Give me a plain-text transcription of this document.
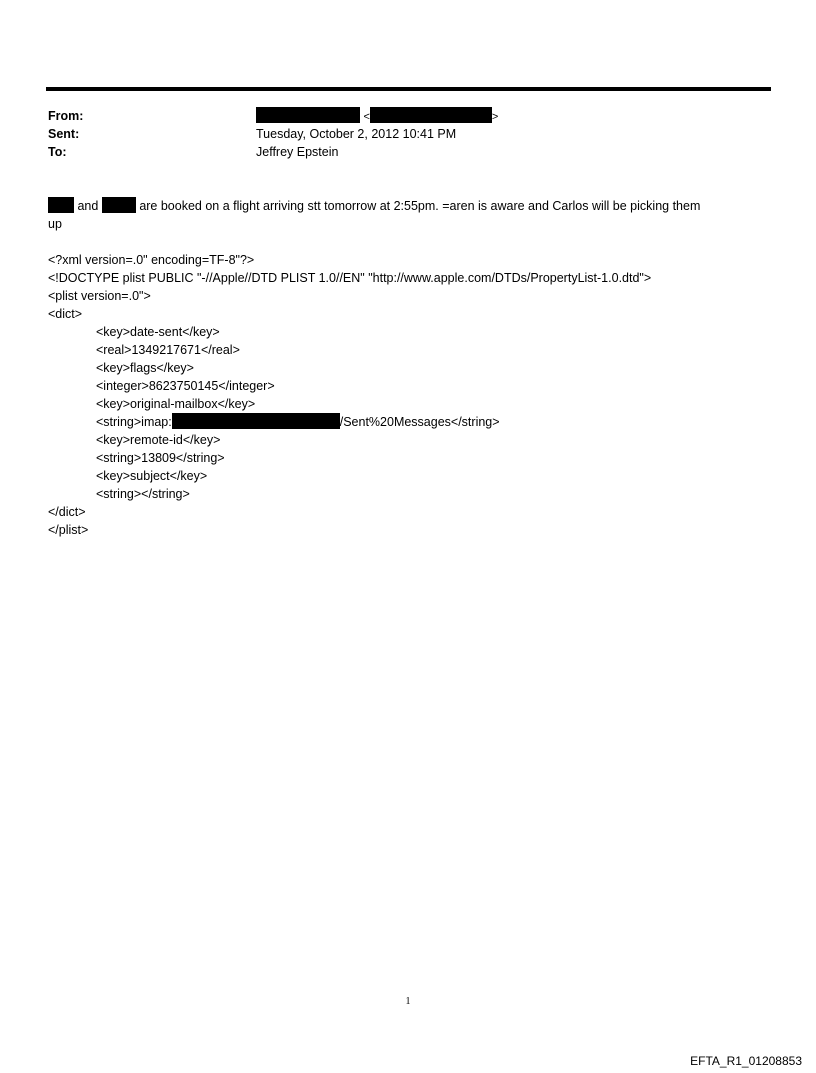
From:	<	>
Sent:	Tuesday, October 2, 2012 10:41 PM
To:	Jeffrey Epstein
and	are booked on a flight arriving stt tomorrow at 2:55pm. =aren is aware and Carlos will be picking them
up
<?xml version=.0" encoding=TF-8"?>
<!DOCTYPE plist PUBLIC "-//Apple//DTD PLIST 1.0//EN" "http://www.apple.com/DTDs/PropertyList-1.0.dtd">
<plist version=.0">
<dict>
<key>date-sent</key>
<real>1349217671</real>
<key>flags</key>
<integer>8623750145</integer>
<key>original-mailbox</key>
<string>imap:	/Sent%20Messages</string>
<key>remote-id</key>
<string>13809</string>
<key>subject</key>
<string></string>
</dict>
</plist>
1
EFTA_R1_01208853
